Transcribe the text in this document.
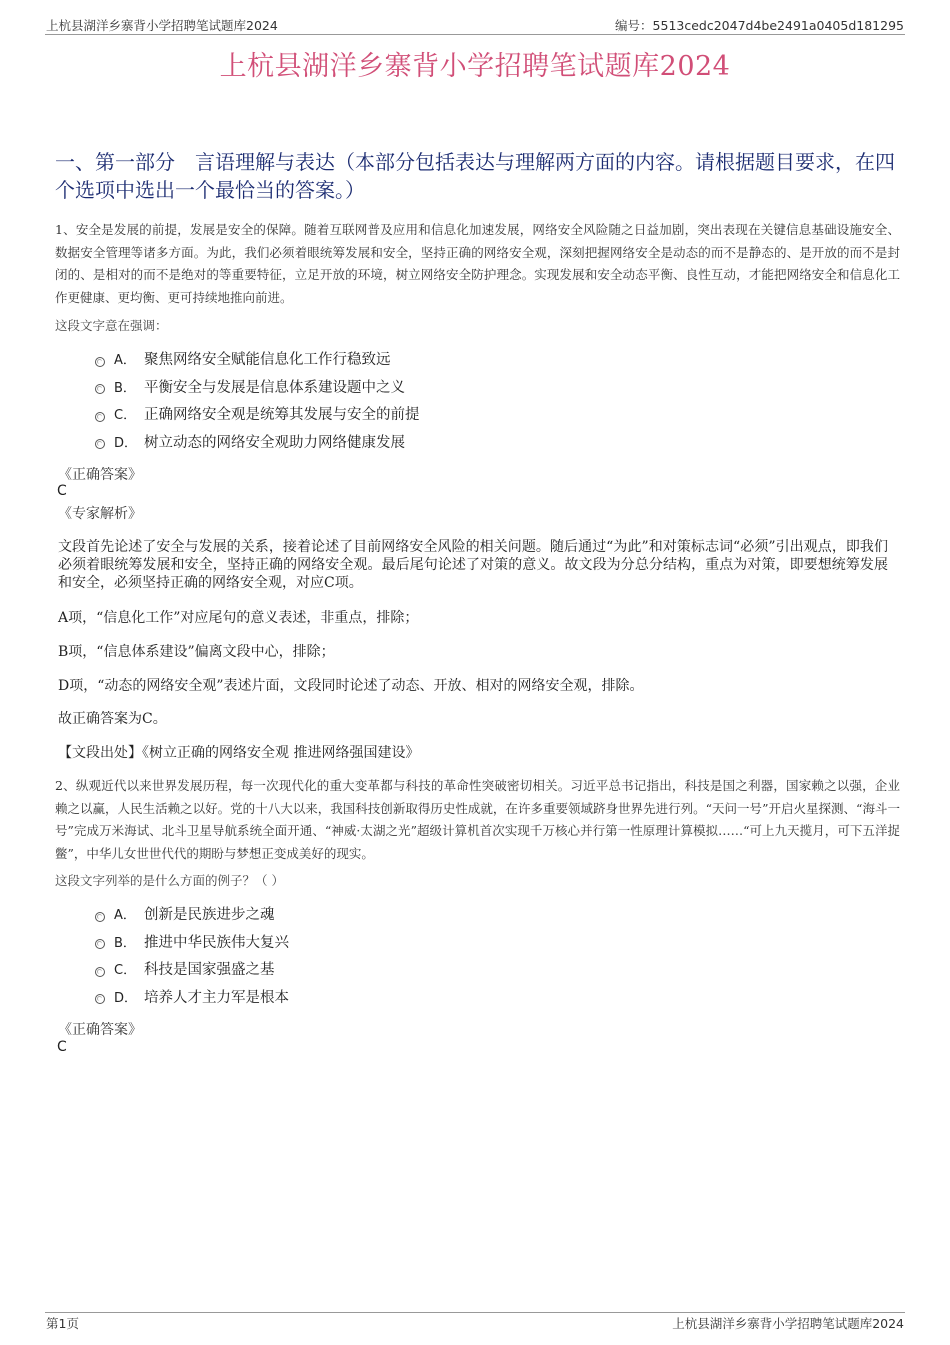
上杭县湖洋乡寨背小学招聘笔试题库2024	编号：5513cedc2047d4be2491a0405d181295
上杭县湖洋乡寨背小学招聘笔试题库2024
一、第一部分　言语理解与表达（本部分包括表达与理解两方面的内容。请根据题目要求，在四个选项中选出一个最恰当的答案。）
1、安全是发展的前提，发展是安全的保障。随着互联网普及应用和信息化加速发展，网络安全风险随之日益加剧，突出表现在关键信息基础设施安全、数据安全管理等诸多方面。为此，我们必须着眼统筹发展和安全，坚持正确的网络安全观，深刻把握网络安全是动态的而不是静态的、是开放的而不是封闭的、是相对的而不是绝对的等重要特征，立足开放的环境，树立网络安全防护理念。实现发展和安全动态平衡、良性互动，才能把网络安全和信息化工作更健康、更均衡、更可持续地推向前进。
这段文字意在强调：
A． 聚焦网络安全赋能信息化工作行稳致远
B． 平衡安全与发展是信息体系建设题中之义
C． 正确网络安全观是统筹其发展与安全的前提
D． 树立动态的网络安全观助力网络健康发展
《正确答案》
C
《专家解析》
文段首先论述了安全与发展的关系，接着论述了目前网络安全风险的相关问题。随后通过“为此”和对策标志词“必须”引出观点，即我们必须着眼统筹发展和安全，坚持正确的网络安全观。最后尾句论述了对策的意义。故文段为分总分结构，重点为对策，即要想统筹发展和安全，必须坚持正确的网络安全观，对应C项。
A项，“信息化工作”对应尾句的意义表述，非重点，排除；
B项，“信息体系建设”偏离文段中心，排除；
D项，“动态的网络安全观”表述片面，文段同时论述了动态、开放、相对的网络安全观，排除。
故正确答案为C。
【文段出处】《树立正确的网络安全观 推进网络强国建设》
2、纵观近代以来世界发展历程，每一次现代化的重大变革都与科技的革命性突破密切相关。习近平总书记指出，科技是国之利器，国家赖之以强，企业赖之以赢，人民生活赖之以好。党的十八大以来，我国科技创新取得历史性成就，在许多重要领域跻身世界先进行列。“天问一号”开启火星探测、“海斗一号”完成万米海试、北斗卫星导航系统全面开通、“神威·太湖之光”超级计算机首次实现千万核心并行第一性原理计算模拟……“可上九天揽月，可下五洋捉鳖”，中华儿女世世代代的期盼与梦想正变成美好的现实。
这段文字列举的是什么方面的例子？（ ）
A． 创新是民族进步之魂
B． 推进中华民族伟大复兴
C． 科技是国家强盛之基
D． 培养人才主力军是根本
《正确答案》
C
第1页	上杭县湖洋乡寨背小学招聘笔试题库2024
